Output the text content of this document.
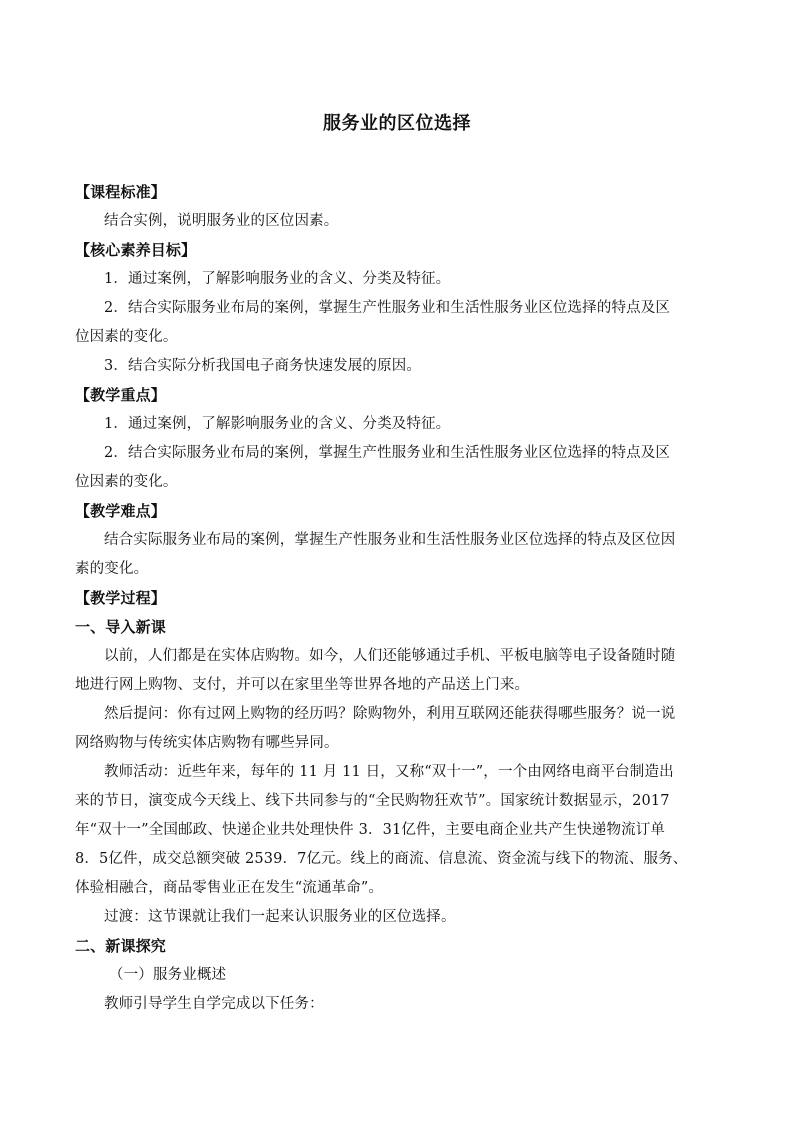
服务业的区位选择
【课程标准】
结合实例，说明服务业的区位因素。
【核心素养目标】
1．通过案例，了解影响服务业的含义、分类及特征。
2．结合实际服务业布局的案例，掌握生产性服务业和生活性服务业区位选择的特点及区
位因素的变化。
3．结合实际分析我国电子商务快速发展的原因。
【教学重点】
1．通过案例，了解影响服务业的含义、分类及特征。
2．结合实际服务业布局的案例，掌握生产性服务业和生活性服务业区位选择的特点及区
位因素的变化。
【教学难点】
结合实际服务业布局的案例，掌握生产性服务业和生活性服务业区位选择的特点及区位因
素的变化。
【教学过程】
一、导入新课
以前，人们都是在实体店购物。如今，人们还能够通过手机、平板电脑等电子设备随时随
地进行网上购物、支付，并可以在家里坐等世界各地的产品送上门来。
然后提问：你有过网上购物的经历吗？除购物外，利用互联网还能获得哪些服务？说一说
网络购物与传统实体店购物有哪些异同。
教师活动：近些年来，每年的 11 月 11 日，又称“双十一”，一个由网络电商平台制造出
来的节日，演变成今天线上、线下共同参与的“全民购物狂欢节”。国家统计数据显示，2017
年“双十一”全国邮政、快递企业共处理快件 3．31亿件，主要电商企业共产生快递物流订单
8．5亿件，成交总额突破 2539．7亿元。线上的商流、信息流、资金流与线下的物流、服务、
体验相融合，商品零售业正在发生“流通革命”。
过渡：这节课就让我们一起来认识服务业的区位选择。
二、新课探究
（一）服务业概述
教师引导学生自学完成以下任务：
